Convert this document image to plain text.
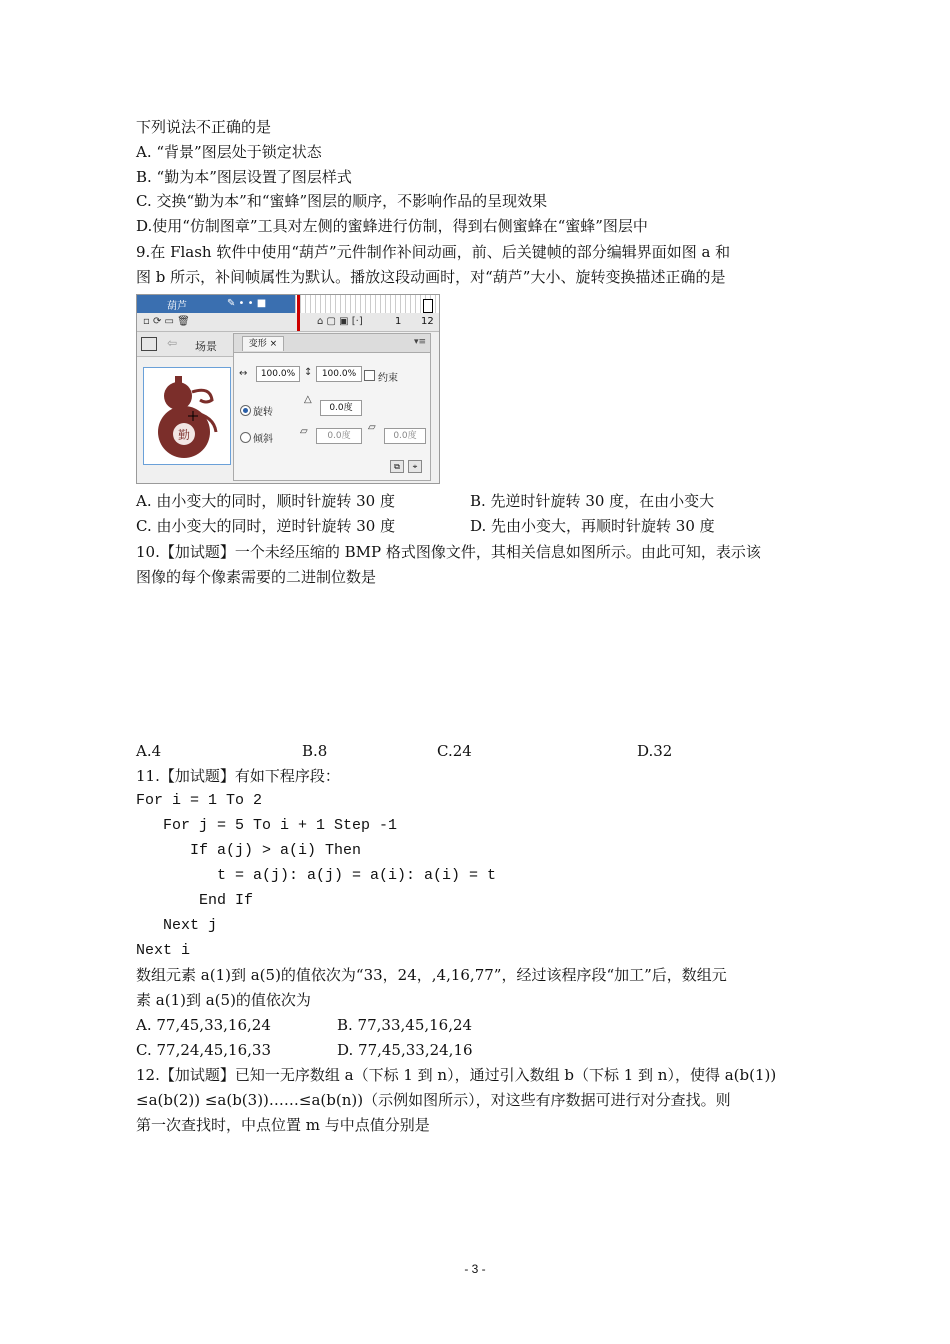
下列说法不正确的是
A. “背景”图层处于锁定状态
B. “勤为本”图层设置了图层样式
C. 交换“勤为本”和“蜜蜂”图层的顺序，不影响作品的呈现效果
D.使用“仿制图章”工具对左侧的蜜蜂进行仿制，得到右侧蜜蜂在“蜜蜂”图层中
9.在 Flash 软件中使用“葫芦”元件制作补间动画，前、后关键帧的部分编辑界面如图 a 和
图 b 所示，补间帧属性为默认。播放这段动画时，对“葫芦”大小、旋转变换描述正确的是
葫芦	✎ • • ■
▫ ⟳ ▭ 🗑	⌂ ▢ ▣ [·]	1 12
⇦ 场景
勤
变形 ×	▾≡
↔	100.0% ↕	100.0%	约束
旋转
△
0.0度
倾斜
▱	0.0度
▱
0.0度
⧉	⌖
A. 由小变大的同时，顺时针旋转 30 度	B. 先逆时针旋转 30 度，在由小变大
C. 由小变大的同时，逆时针旋转 30 度	D. 先由小变大，再顺时针旋转 30 度
10.【加试题】一个未经压缩的 BMP 格式图像文件，其相关信息如图所示。由此可知，表示该
图像的每个像素需要的二进制位数是
A.4	B.8	C.24	D.32
11.【加试题】有如下程序段：
For i = 1 To 2
For j = 5 To i + 1 Step -1
If a(j) > a(i) Then
t = a(j): a(j) = a(i): a(i) = t
End If
Next j
Next i
数组元素 a(1)到 a(5)的值依次为“33，24，,4,16,77”，经过该程序段“加工”后，数组元
素 a(1)到 a(5)的值依次为
A. 77,45,33,16,24	B. 77,33,45,16,24
C. 77,24,45,16,33	D. 77,45,33,24,16
12.【加试题】已知一无序数组 a（下标 1 到 n），通过引入数组 b（下标 1 到 n），使得 a(b(1))
≤a(b(2)) ≤a(b(3))……≤a(b(n))（示例如图所示），对这些有序数据可进行对分查找。则
第一次查找时，中点位置 m 与中点值分别是
- 3 -
